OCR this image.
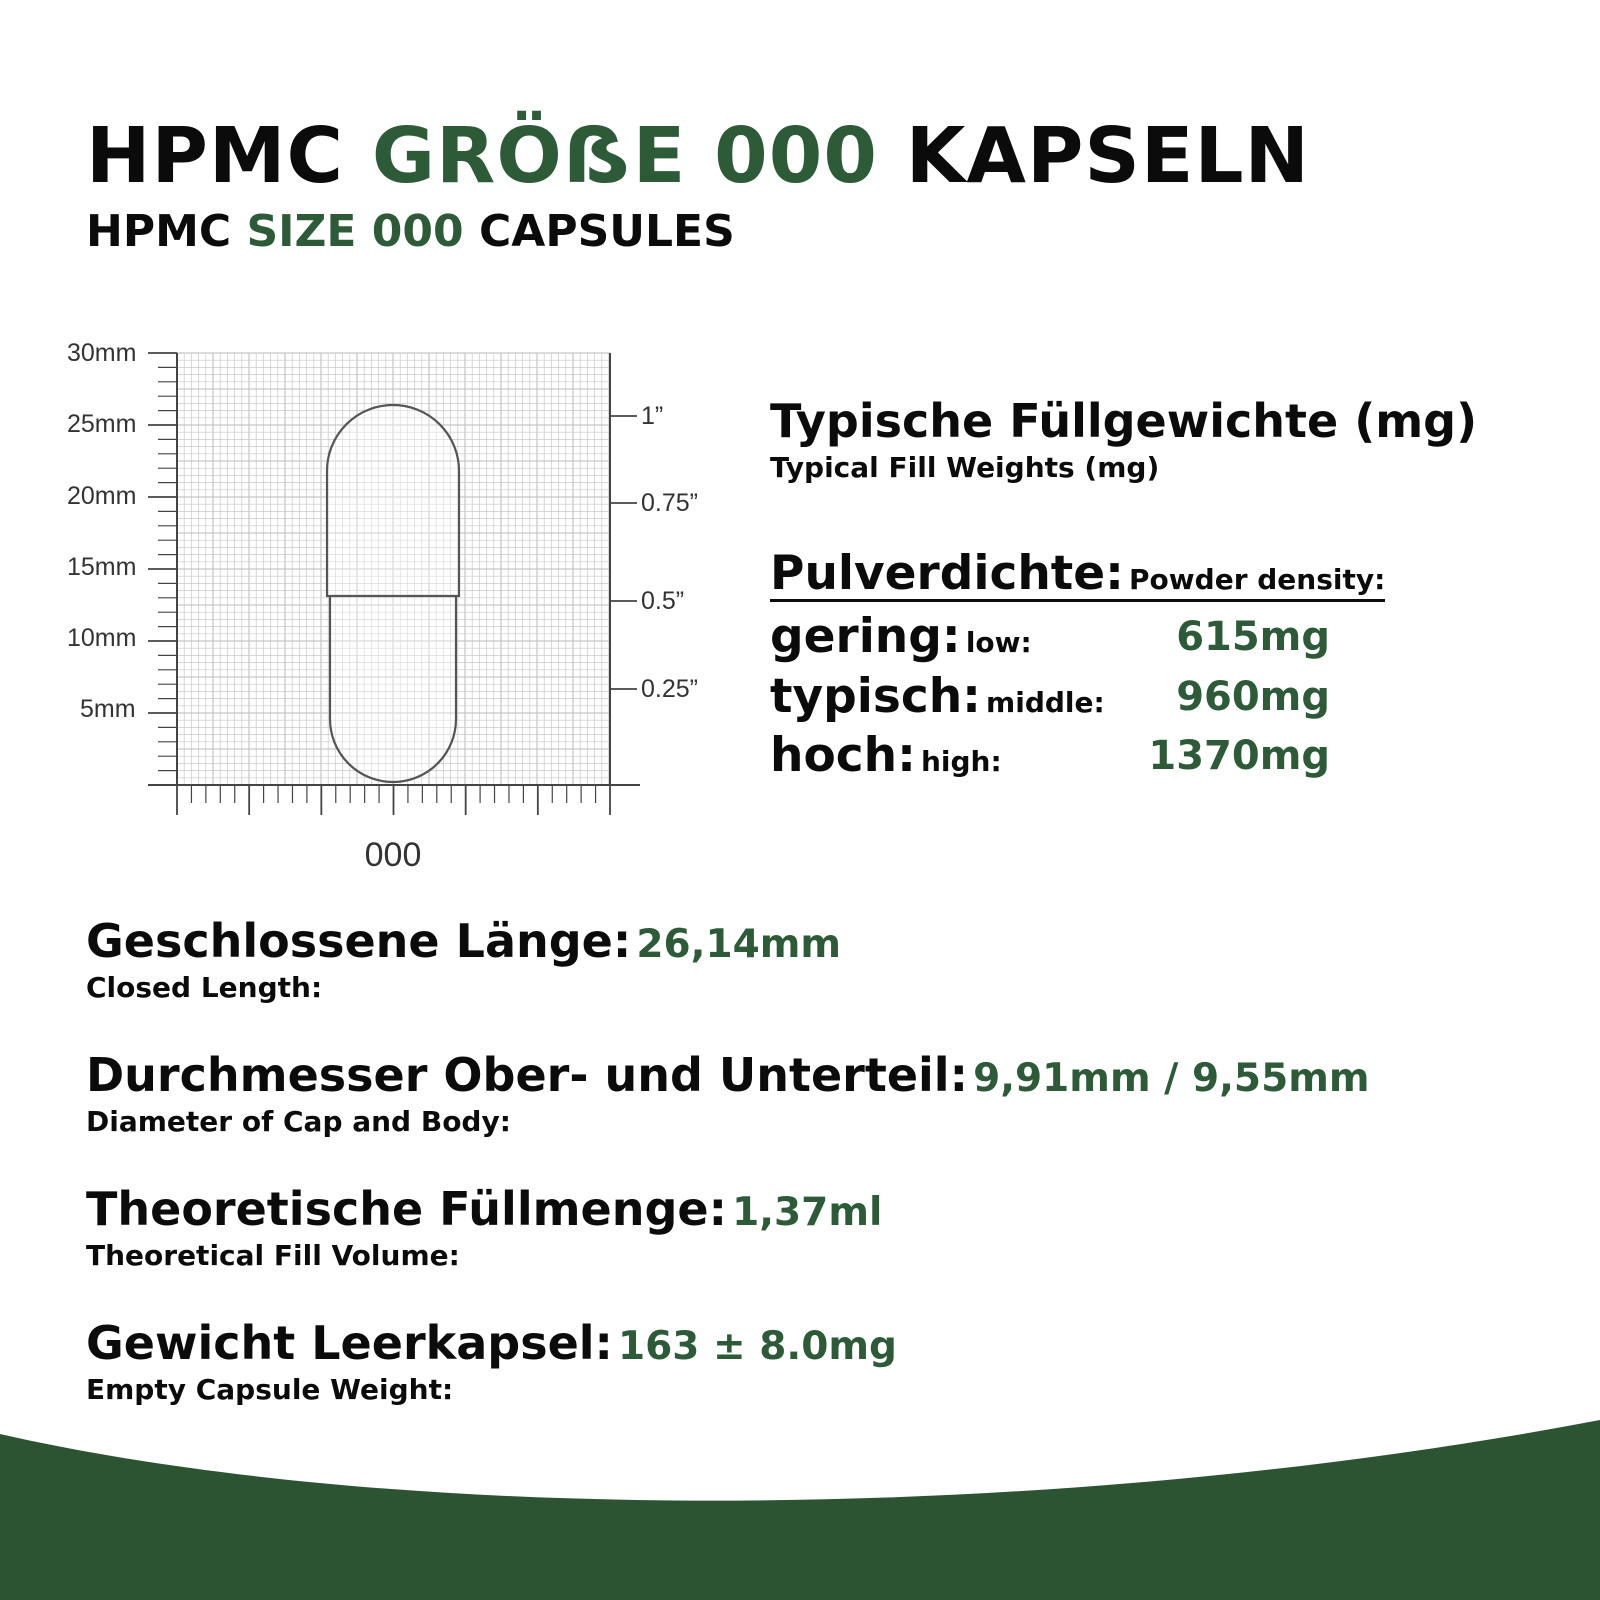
HPMC GRÖẞE 000 KAPSELN
HPMC SIZE 000 CAPSULES
30mm
25mm
20mm
15mm
10mm
5mm
1”
0.75”
0.5”
0.25”
000
Typische Füllgewichte (mg)
Typical Fill Weights (mg)
Pulverdichte: Powder density:
gering: low:	615mg
typisch: middle: 960mg
hoch: high:	1370mg
Geschlossene Länge: 26,14mm
Closed Length:
Durchmesser Ober- und Unterteil: 9,91mm / 9,55mm
Diameter of Cap and Body:
Theoretische Füllmenge: 1,37ml
Theoretical Fill Volume:
Gewicht Leerkapsel: 163 ± 8.0mg
Empty Capsule Weight:
